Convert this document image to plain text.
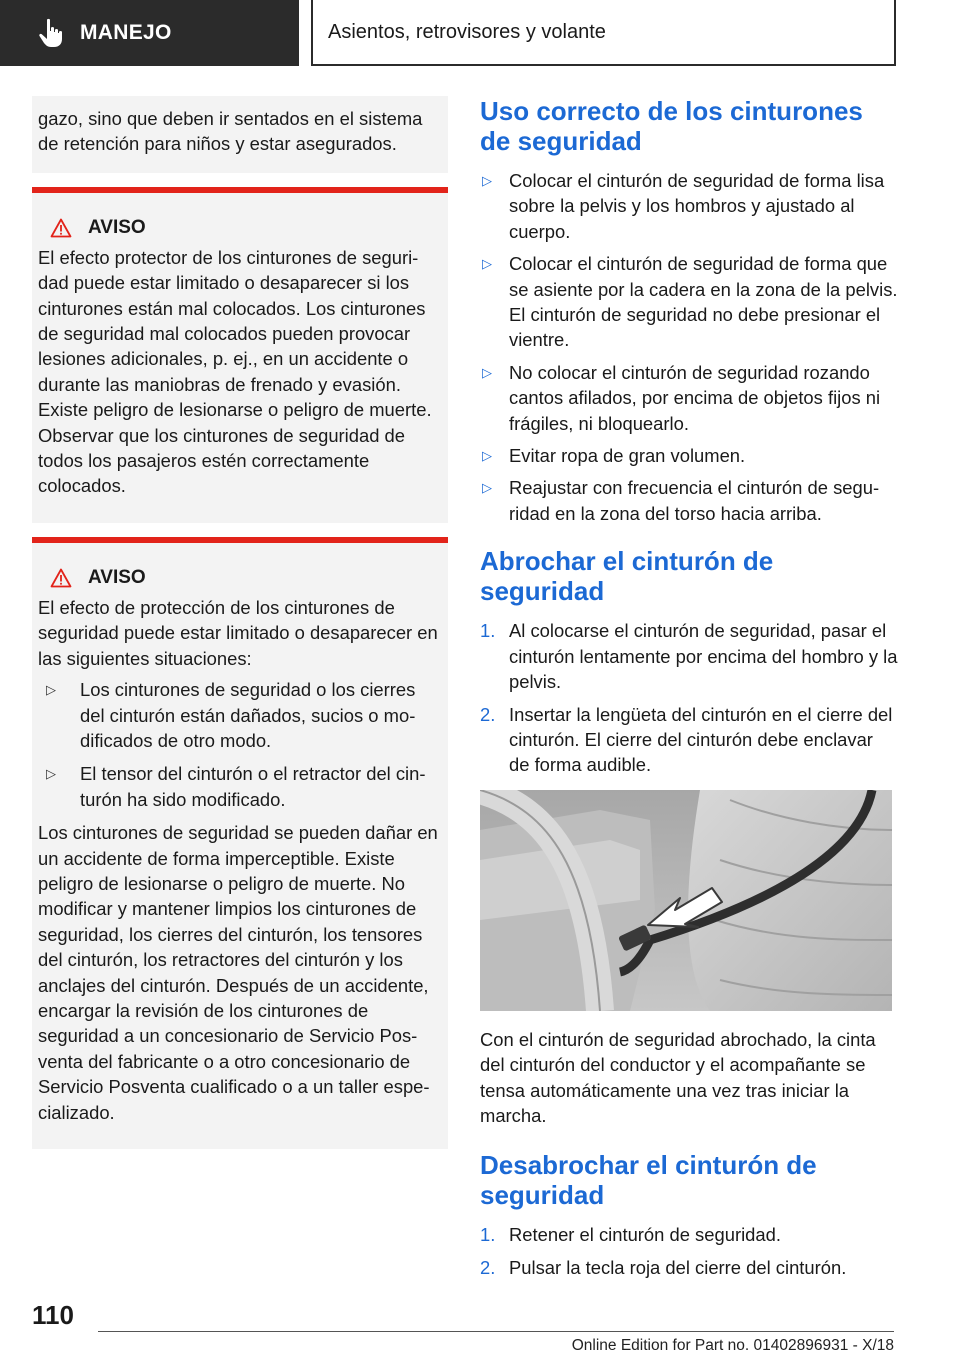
MANEJO	Asientos, retrovisores y volante

gazo, sino que deben ir sentados en el sistema de retención para niños y estar asegurados.

AVISO

El efecto protector de los cinturones de seguridad puede estar limitado o desaparecer si los cinturones están mal colocados. Los cinturones de seguridad mal colocados pueden provocar lesiones adicionales, p. ej., en un accidente o durante las maniobras de frenado y evasión. Existe peligro de lesionarse o peligro de muerte. Observar que los cinturones de seguridad de todos los pasajeros estén correctamente colocados.

AVISO

El efecto de protección de los cinturones de seguridad puede estar limitado o desaparecer en las siguientes situaciones:

▷	Los cinturones de seguridad o los cierres del cinturón están dañados, sucios o modificados de otro modo.
▷	El tensor del cinturón o el retractor del cinturón ha sido modificado.

Los cinturones de seguridad se pueden dañar en un accidente de forma imperceptible. Existe peligro de lesionarse o peligro de muerte. No modificar y mantener limpios los cinturones de seguridad, los cierres del cinturón, los tensores del cinturón, los retractores del cinturón y los anclajes del cinturón. Después de un accidente, encargar la revisión de los cinturones de seguridad a un concesionario de Servicio Posventa del fabricante o a otro concesionario de Servicio Posventa cualificado o a un taller especializado.

Uso correcto de los cinturones de seguridad
▷ Colocar el cinturón de seguridad de forma lisa sobre la pelvis y los hombros y ajustado al cuerpo.
▷ Colocar el cinturón de seguridad de forma que se asiente por la cadera en la zona de la pelvis. El cinturón de seguridad no debe presionar el vientre.
▷ No colocar el cinturón de seguridad rozando cantos afilados, por encima de objetos fijos ni frágiles, ni bloquearlo.
▷ Evitar ropa de gran volumen.
▷ Reajustar con frecuencia el cinturón de seguridad en la zona del torso hacia arriba.
Abrochar el cinturón de seguridad
1. Al colocarse el cinturón de seguridad, pasar el cinturón lentamente por encima del hombro y la pelvis.
2. Insertar la lengüeta del cinturón en el cierre del cinturón. El cierre del cinturón debe enclavar de forma audible.

Con el cinturón de seguridad abrochado, la cinta del cinturón del conductor y el acompañante se tensa automáticamente una vez tras iniciar la marcha.

Desabrochar el cinturón de seguridad
1. Retener el cinturón de seguridad.
2. Pulsar la tecla roja del cierre del cinturón.
110
Online Edition for Part no. 01402896931 - X/18
